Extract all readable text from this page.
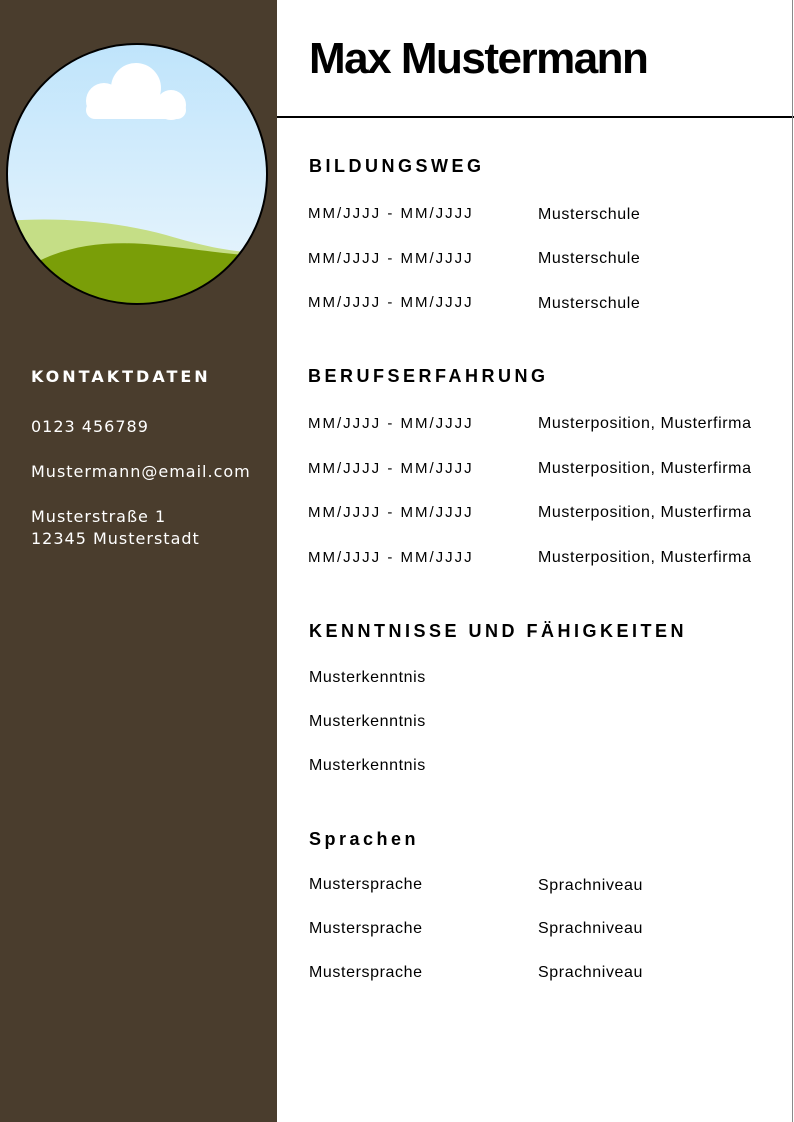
KONTAKTDATEN
0123 456789
Mustermann@email.com
Musterstraße 1
12345 Musterstadt
Max Mustermann
BILDUNGSWEG
MM/JJJJ - MM/JJJJ	Musterschule
MM/JJJJ - MM/JJJJ	Musterschule
MM/JJJJ - MM/JJJJ	Musterschule
BERUFSERFAHRUNG
MM/JJJJ - MM/JJJJ	Musterposition, Musterfirma
MM/JJJJ - MM/JJJJ	Musterposition, Musterfirma
MM/JJJJ - MM/JJJJ	Musterposition, Musterfirma
MM/JJJJ - MM/JJJJ	Musterposition, Musterfirma
KENNTNISSE UND FÄHIGKEITEN
Musterkenntnis
Musterkenntnis
Musterkenntnis
Sprachen
Mustersprache	Sprachniveau
Mustersprache	Sprachniveau
Mustersprache	Sprachniveau
